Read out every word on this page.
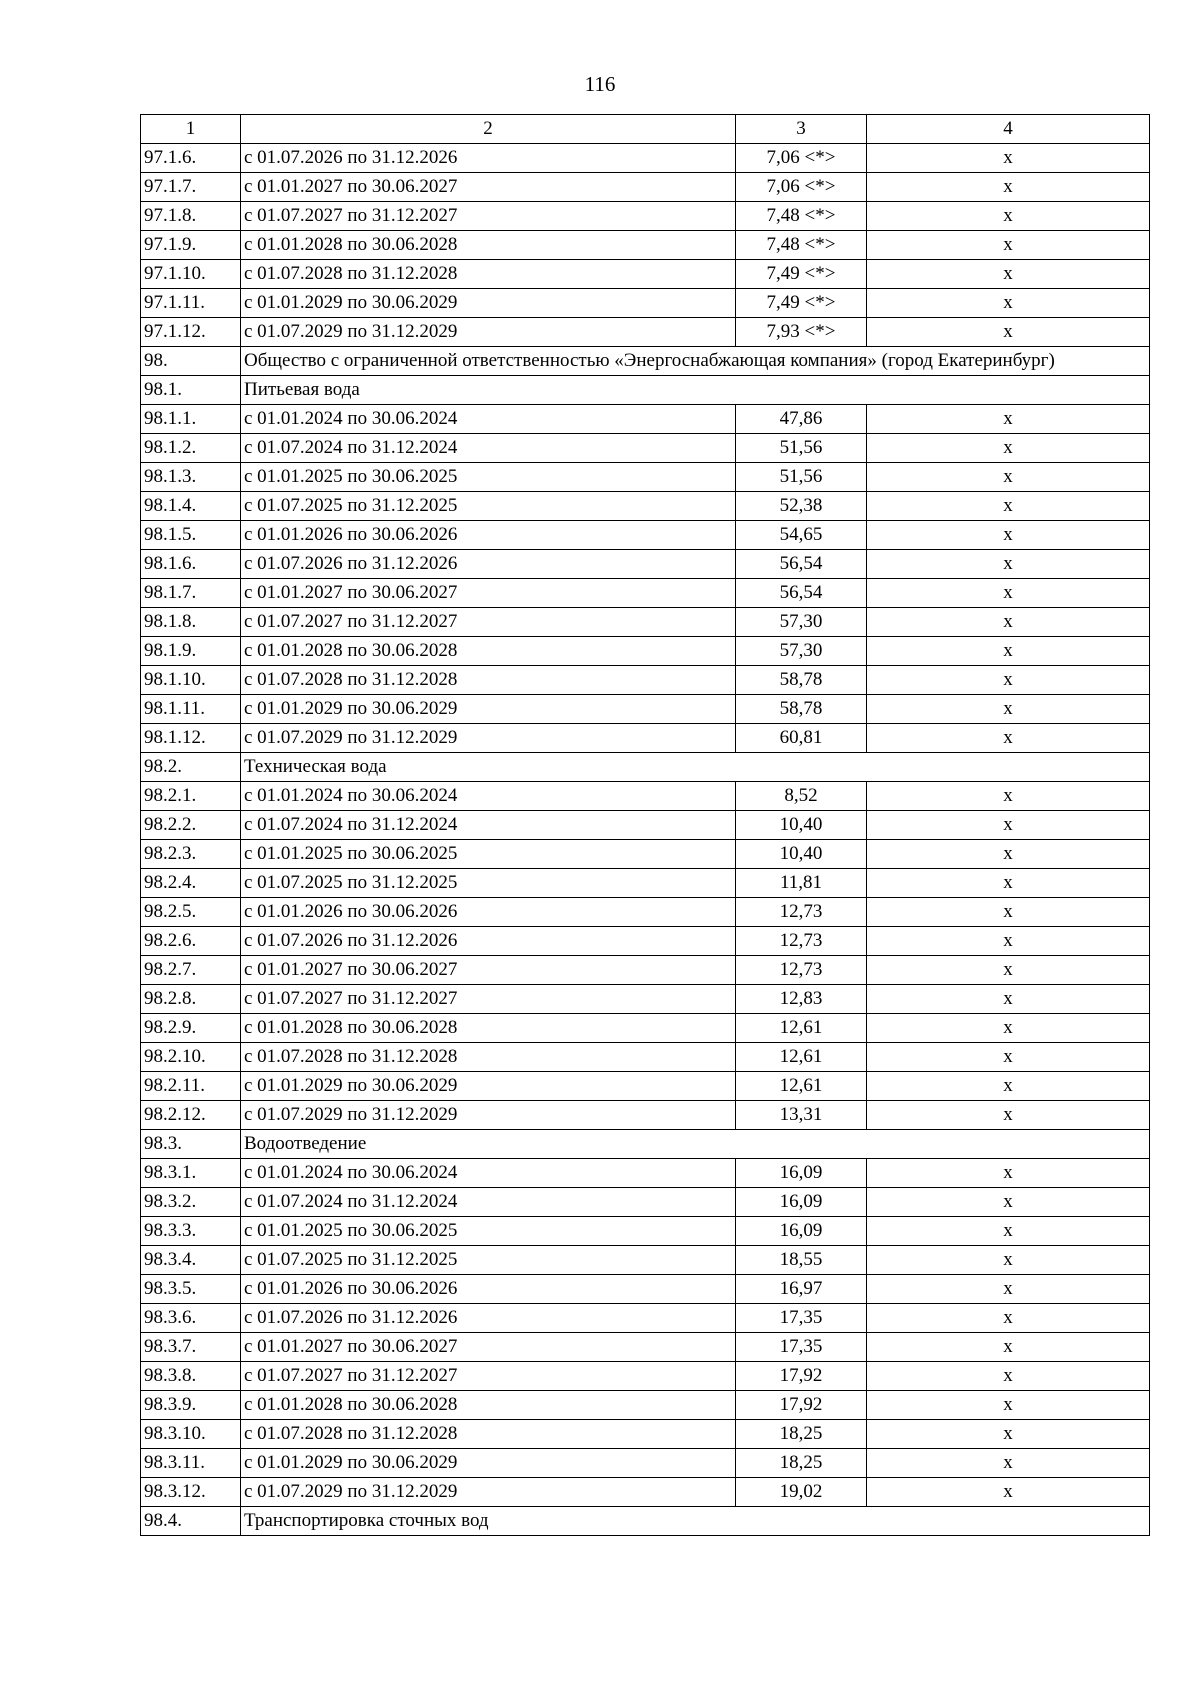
116
1	2	3	4
97.1.6.	с 01.07.2026 по 31.12.2026	7,06 <*>	х
97.1.7.	с 01.01.2027 по 30.06.2027	7,06 <*>	х
97.1.8.	с 01.07.2027 по 31.12.2027	7,48 <*>	х
97.1.9.	с 01.01.2028 по 30.06.2028	7,48 <*>	х
97.1.10.	с 01.07.2028 по 31.12.2028	7,49 <*>	х
97.1.11.	с 01.01.2029 по 30.06.2029	7,49 <*>	х
97.1.12.	с 01.07.2029 по 31.12.2029	7,93 <*>	х
98.	Общество с ограниченной ответственностью «Энергоснабжающая компания» (город Екатеринбург)		
98.1.	Питьевая вода		
98.1.1.	с 01.01.2024 по 30.06.2024	47,86	х
98.1.2.	с 01.07.2024 по 31.12.2024	51,56	х
98.1.3.	с 01.01.2025 по 30.06.2025	51,56	х
98.1.4.	с 01.07.2025 по 31.12.2025	52,38	х
98.1.5.	с 01.01.2026 по 30.06.2026	54,65	х
98.1.6.	с 01.07.2026 по 31.12.2026	56,54	х
98.1.7.	с 01.01.2027 по 30.06.2027	56,54	х
98.1.8.	с 01.07.2027 по 31.12.2027	57,30	х
98.1.9.	с 01.01.2028 по 30.06.2028	57,30	х
98.1.10.	с 01.07.2028 по 31.12.2028	58,78	х
98.1.11.	с 01.01.2029 по 30.06.2029	58,78	х
98.1.12.	с 01.07.2029 по 31.12.2029	60,81	х
98.2.	Техническая вода		
98.2.1.	с 01.01.2024 по 30.06.2024	8,52	х
98.2.2.	с 01.07.2024 по 31.12.2024	10,40	х
98.2.3.	с 01.01.2025 по 30.06.2025	10,40	х
98.2.4.	с 01.07.2025 по 31.12.2025	11,81	х
98.2.5.	с 01.01.2026 по 30.06.2026	12,73	х
98.2.6.	с 01.07.2026 по 31.12.2026	12,73	х
98.2.7.	с 01.01.2027 по 30.06.2027	12,73	х
98.2.8.	с 01.07.2027 по 31.12.2027	12,83	х
98.2.9.	с 01.01.2028 по 30.06.2028	12,61	х
98.2.10.	с 01.07.2028 по 31.12.2028	12,61	х
98.2.11.	с 01.01.2029 по 30.06.2029	12,61	х
98.2.12.	с 01.07.2029 по 31.12.2029	13,31	х
98.3.	Водоотведение		
98.3.1.	с 01.01.2024 по 30.06.2024	16,09	х
98.3.2.	с 01.07.2024 по 31.12.2024	16,09	х
98.3.3.	с 01.01.2025 по 30.06.2025	16,09	х
98.3.4.	с 01.07.2025 по 31.12.2025	18,55	х
98.3.5.	с 01.01.2026 по 30.06.2026	16,97	х
98.3.6.	с 01.07.2026 по 31.12.2026	17,35	х
98.3.7.	с 01.01.2027 по 30.06.2027	17,35	х
98.3.8.	с 01.07.2027 по 31.12.2027	17,92	х
98.3.9.	с 01.01.2028 по 30.06.2028	17,92	х
98.3.10.	с 01.07.2028 по 31.12.2028	18,25	х
98.3.11.	с 01.01.2029 по 30.06.2029	18,25	х
98.3.12.	с 01.07.2029 по 31.12.2029	19,02	х
98.4.	Транспортировка сточных вод		
